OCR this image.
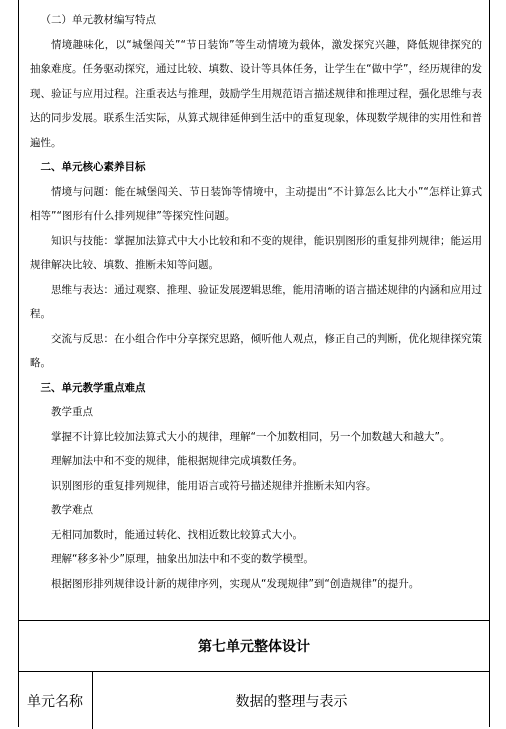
（二）单元教材编写特点

情境趣味化，以“城堡闯关”“节日装饰”等生动情境为载体，激发探究兴趣，降低规律探究的抽象难度。任务驱动探究，通过比较、填数、设计等具体任务，让学生在“做中学”，经历规律的发现、验证与应用过程。注重表达与推理，鼓励学生用规范语言描述规律和推理过程，强化思维与表达的同步发展。联系生活实际，从算式规律延伸到生活中的重复现象，体现数学规律的实用性和普遍性。

二、单元核心素养目标

情境与问题：能在城堡闯关、节日装饰等情境中，主动提出“不计算怎么比大小”“怎样让算式相等”“图形有什么排列规律”等探究性问题。

知识与技能：掌握加法算式中大小比较和和不变的规律，能识别图形的重复排列规律；能运用规律解决比较、填数、推断未知等问题。

思维与表达：通过观察、推理、验证发展逻辑思维，能用清晰的语言描述规律的内涵和应用过程。

交流与反思：在小组合作中分享探究思路，倾听他人观点，修正自己的判断，优化规律探究策略。

三、单元教学重点难点

教学重点

掌握不计算比较加法算式大小的规律，理解“一个加数相同，另一个加数越大和越大”。

理解加法中和不变的规律，能根据规律完成填数任务。

识别图形的重复排列规律，能用语言或符号描述规律并推断未知内容。

教学难点

无相同加数时，能通过转化、找相近数比较算式大小。

理解“移多补少”原理，抽象出加法中和不变的数学模型。

根据图形排列规律设计新的规律序列，实现从“发现规律”到“创造规律”的提升。

第七单元整体设计
单元名称	数据的整理与表示
